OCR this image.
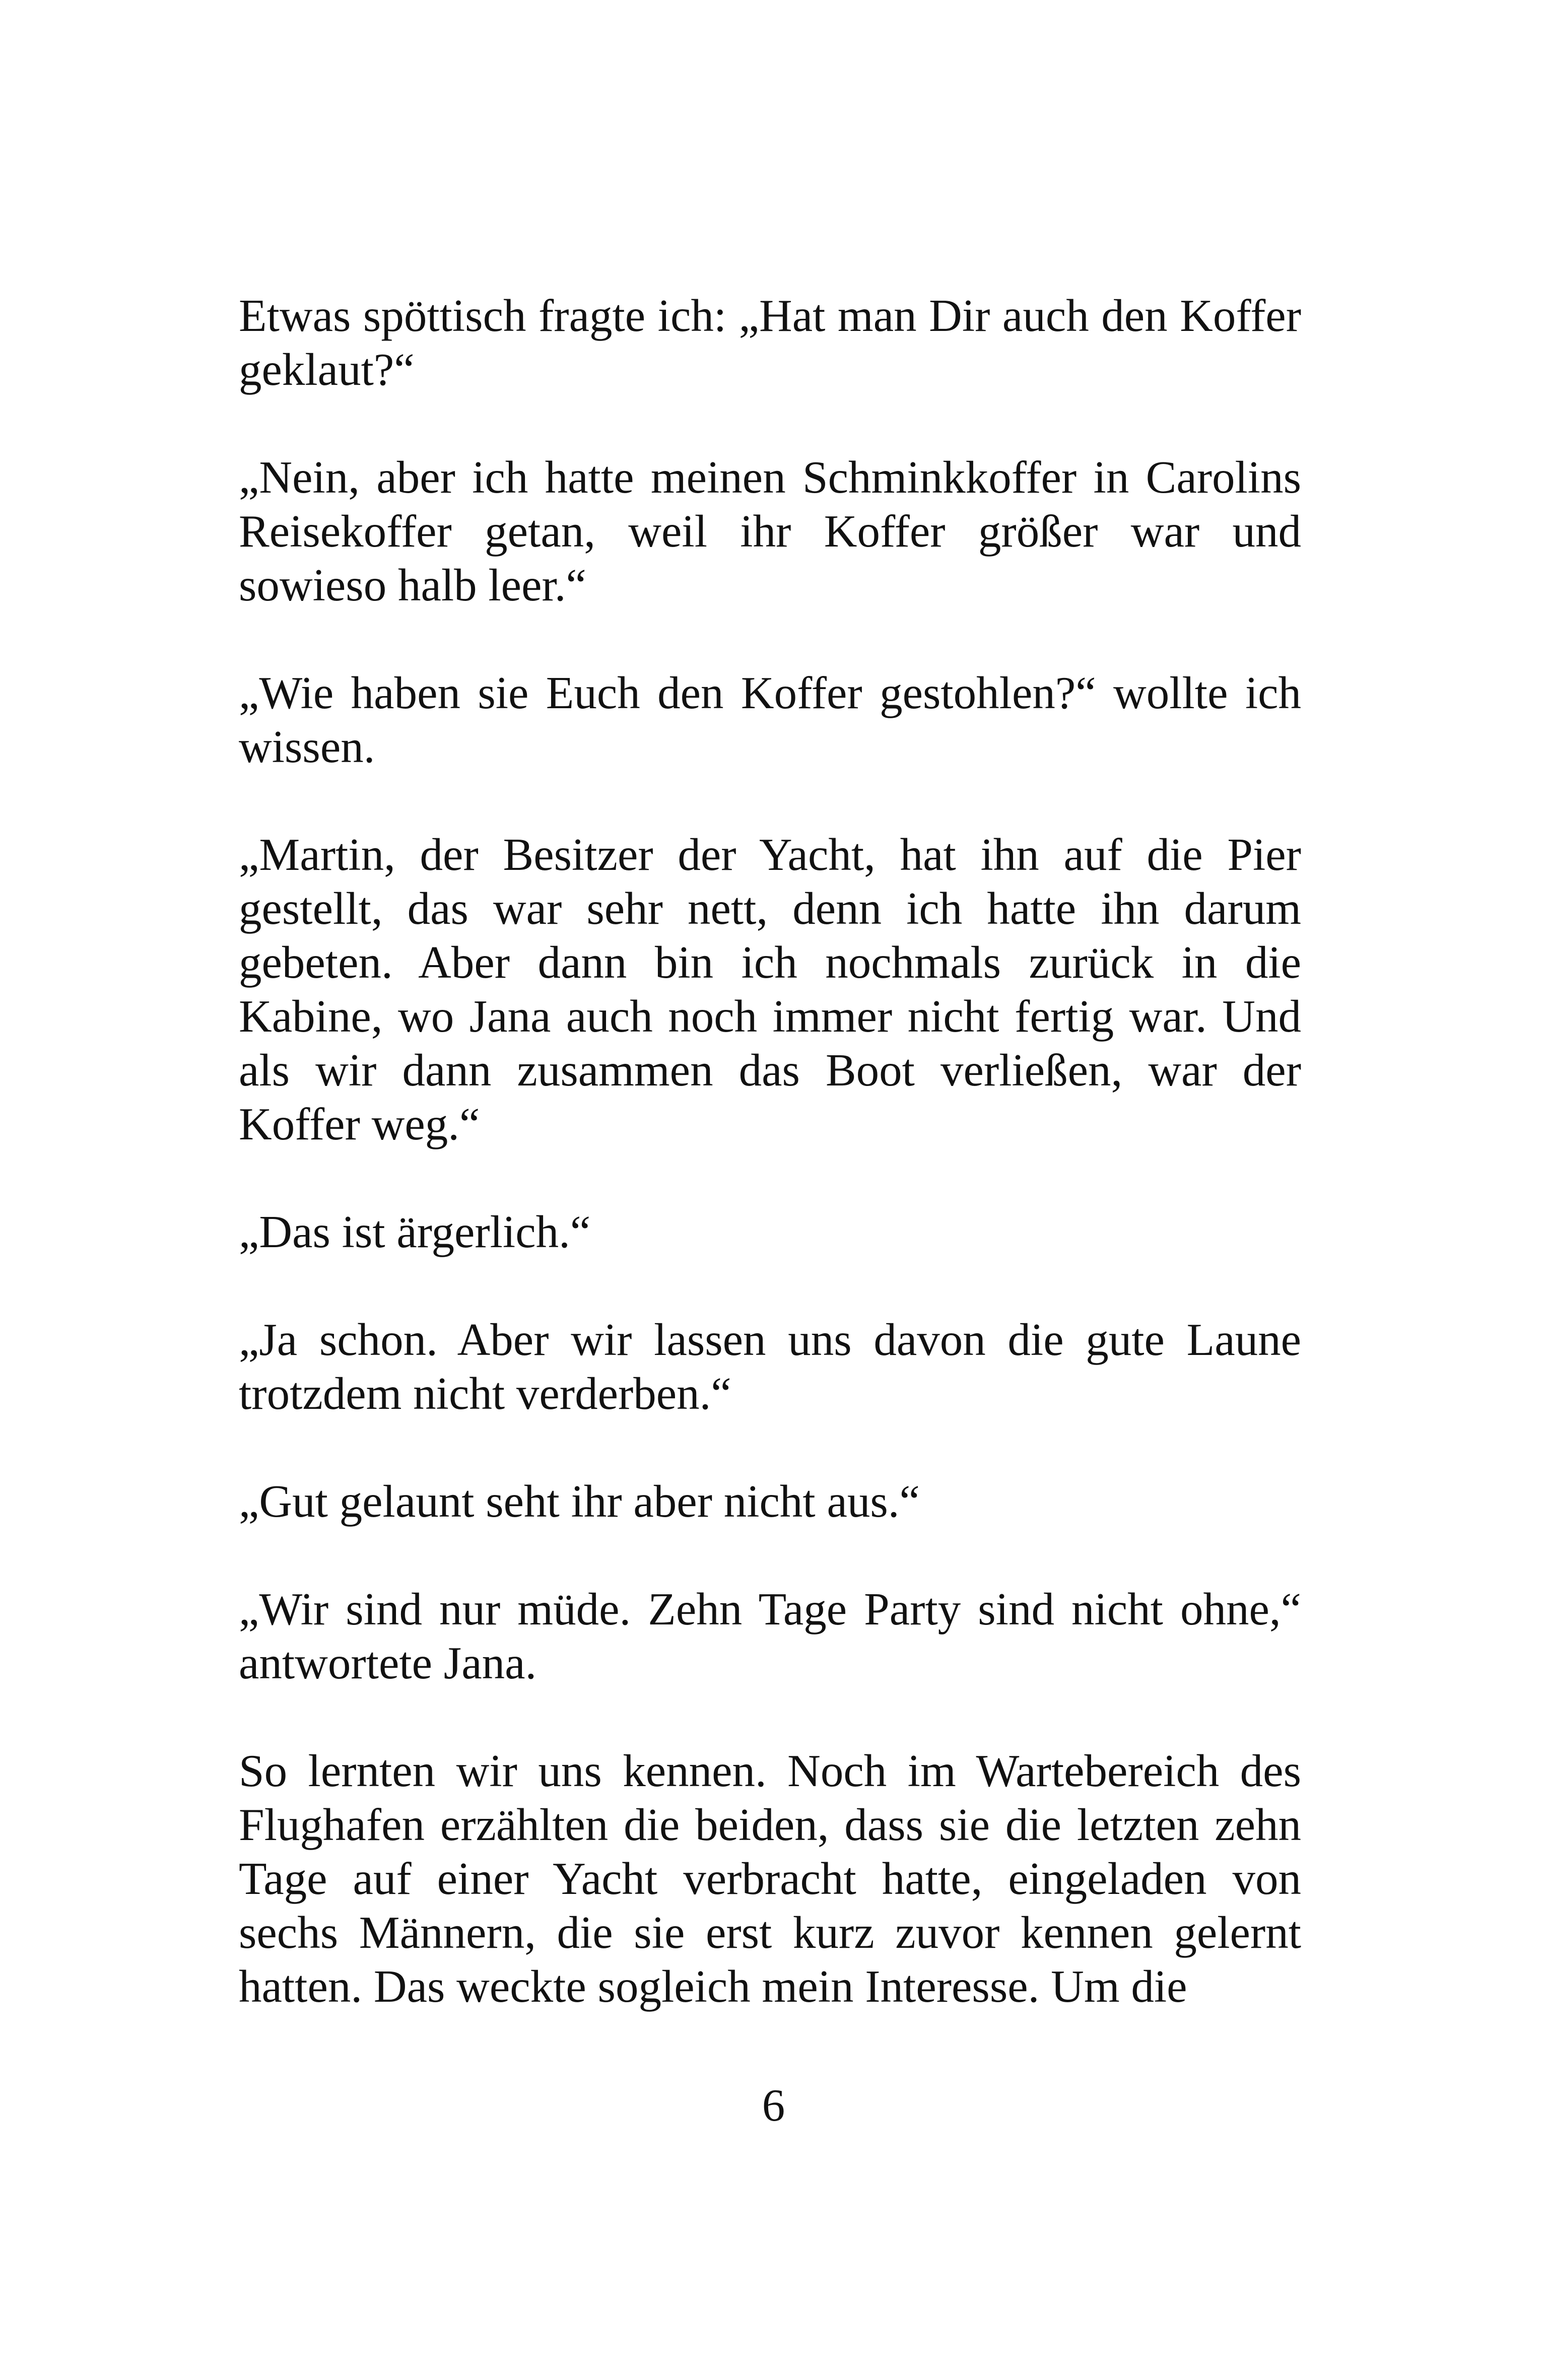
Etwas spöttisch fragte ich: „Hat man Dir auch den Koffer geklaut?“

„Nein, aber ich hatte meinen Schminkkoffer in Carolins Reisekoffer getan, weil ihr Koffer größer war und sowieso halb leer.“

„Wie haben sie Euch den Koffer gestohlen?“ wollte ich wissen.

„Martin, der Besitzer der Yacht, hat ihn auf die Pier gestellt, das war sehr nett, denn ich hatte ihn darum gebeten. Aber dann bin ich nochmals zurück in die Kabine, wo Jana auch noch immer nicht fertig war. Und als wir dann zusammen das Boot verließen, war der Koffer weg.“

„Das ist ärgerlich.“

„Ja schon. Aber wir lassen uns davon die gute Laune trotzdem nicht verderben.“

„Gut gelaunt seht ihr aber nicht aus.“

„Wir sind nur müde. Zehn Tage Party sind nicht ohne,“ antwortete Jana.

So lernten wir uns kennen. Noch im Wartebereich des Flughafen erzählten die beiden, dass sie die letzten zehn Tage auf einer Yacht verbracht hatte, eingeladen von sechs Männern, die sie erst kurz zuvor kennen gelernt hatten. Das weckte sogleich mein Interesse. Um die

6
